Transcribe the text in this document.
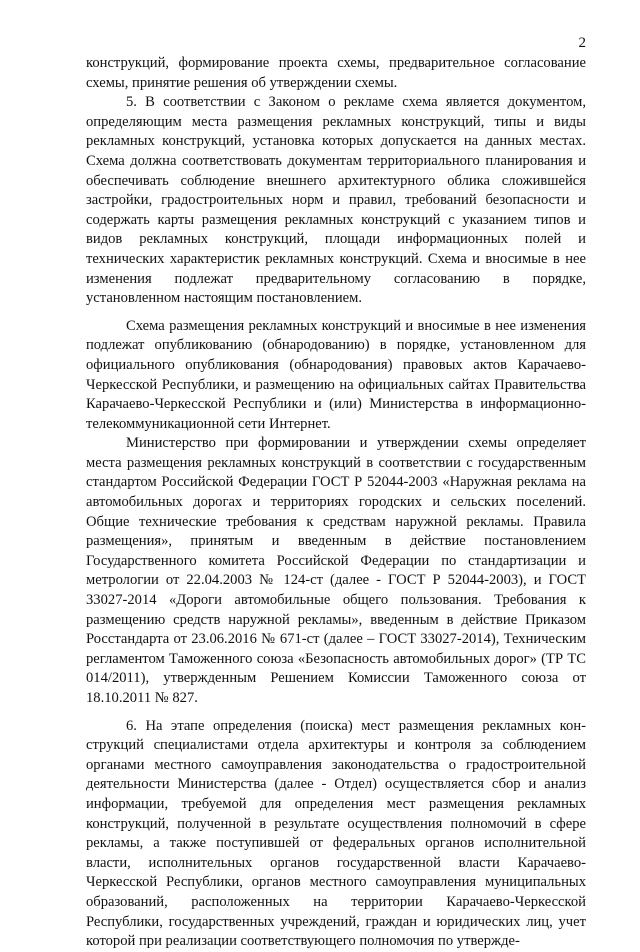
2

конструкций, формирование проекта схемы, предварительное согласование схемы, принятие решения об утверждении схемы.

5. В соответствии с Законом о рекламе схема является документом, определяющим места размещения рекламных конструкций, типы и виды рекламных конструкций, установка которых допускается на данных местах. Схема должна соответствовать документам территориального планирования и обеспечивать соблюдение внешнего архитектурного облика сложившейся застройки, градостроительных норм и правил, требований безопасности и содержать карты размещения рекламных конструкций с указанием типов и видов рекламных конструкций, площади информационных полей и технических характеристик рекламных конструкций. Схема и вносимые в нее изменения подлежат предварительному согласованию в порядке, установленном настоящим постановлением.

Схема размещения рекламных конструкций и вносимые в нее изменения подлежат опубликованию (обнародованию) в порядке, установленном для официального опубликования (обнародования) правовых актов Карачаево-Черкесской Республики, и размещению на официальных сайтах Правительства Карачаево-Черкесской Республики и (или) Министерства в информационно-телекоммуникационной сети Интернет.

Министерство при формировании и утверждении схемы определяет места размещения рекламных конструкций в соответствии с государственным стандартом Российской Федерации ГОСТ Р 52044-2003 «Наружная реклама на автомобильных дорогах и территориях городских и сельских поселений. Общие технические требования к средствам наружной рекламы. Правила размещения», принятым и введенным в действие постановлением Государственного комитета Российской Федерации по стандартизации и метрологии от 22.04.2003 № 124-ст (далее - ГОСТ Р 52044-2003), и ГОСТ 33027-2014 «Дороги автомобильные общего пользования. Требования к размещению средств наружной рекламы», введенным в действие Приказом Росстандарта от 23.06.2016 № 671-ст (далее – ГОСТ 33027-2014), Техническим регламентом Таможенного союза «Безопасность автомобильных дорог» (ТР ТС 014/2011), утвержденным Решением Комиссии Таможенного союза от 18.10.2011 № 827.

6. На этапе определения (поиска) мест размещения рекламных конструкций специалистами отдела архитектуры и контроля за соблюдением органами местного самоуправления законодательства о градостроительной деятельности Министерства (далее - Отдел) осуществляется сбор и анализ информации, требуемой для определения мест размещения рекламных конструкций, полученной в результате осуществления полномочий в сфере рекламы, а также поступившей от федеральных органов исполнительной власти, исполнительных органов государственной власти Карачаево-Черкесской Республики, органов местного самоуправления муниципальных образований, расположенных на территории Карачаево-Черкесской Республики, государственных учреждений, граждан и юридических лиц, учет которой при реализации соответствующего полномочия по утвержде-
